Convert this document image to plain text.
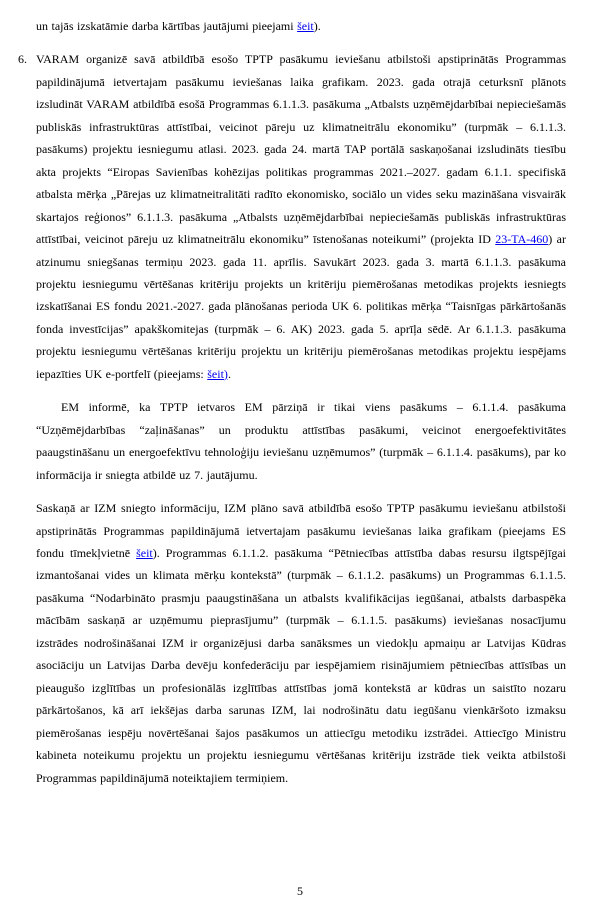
un tajās izskatāmie darba kārtības jautājumi pieejami šeit).
6. VARAM organizē savā atbildībā esošo TPTP pasākumu ieviešanu atbilstoši apstiprinātās Programmas papildinājumā ietvertajam pasākumu ieviešanas laika grafikam. 2023. gada otrajā ceturksnī plānots izsludināt VARAM atbildībā esošā Programmas 6.1.1.3. pasākuma „Atbalsts uzņēmējdarbībai nepieciešamās publiskās infrastruktūras attīstībai, veicinot pāreju uz klimatneitrālu ekonomiku” (turpmāk – 6.1.1.3. pasākums) projektu iesniegumu atlasi. 2023. gada 24. martā TAP portālā saskaņošanai izsludināts tiesību akta projekts “Eiropas Savienības kohēzijas politikas programmas 2021.–2027. gadam 6.1.1. specifiskā atbalsta mērķa „Pārejas uz klimatneitralitāti radīto ekonomisko, sociālo un vides seku mazināšana visvairāk skartajos reģionos” 6.1.1.3. pasākuma „Atbalsts uzņēmējdarbībai nepieciešamās publiskās infrastruktūras attīstībai, veicinot pāreju uz klimatneitrālu ekonomiku” īstenošanas noteikumi” (projekta ID 23-TA-460) ar atzinumu sniegšanas termiņu 2023. gada 11. aprīlis. Savukārt 2023. gada 3. martā 6.1.1.3. pasākuma projektu iesniegumu vērtēšanas kritēriju projekts un kritēriju piemērošanas metodikas projekts iesniegts izskatīšanai ES fondu 2021.-2027. gada plānošanas perioda UK 6. politikas mērķa “Taisnīgas pārkārtošanās fonda investīcijas” apakškomitejas (turpmāk – 6. AK) 2023. gada 5. aprīļa sēdē. Ar 6.1.1.3. pasākuma projektu iesniegumu vērtēšanas kritēriju projektu un kritēriju piemērošanas metodikas projektu iespējams iepazīties UK e-portfelī (pieejams: šeit).
EM informē, ka TPTP ietvaros EM pārziņā ir tikai viens pasākums – 6.1.1.4. pasākuma “Uzņēmējdarbības “zaļināšanas” un produktu attīstības pasākumi, veicinot energoefektivitātes paaugstināšanu un energoefektīvu tehnoloģiju ieviešanu uzņēmumos” (turpmāk – 6.1.1.4. pasākums), par ko informācija ir sniegta atbildē uz 7. jautājumu.
Saskaņā ar IZM sniegto informāciju, IZM plāno savā atbildībā esošo TPTP pasākumu ieviešanu atbilstoši apstiprinātās Programmas papildinājumā ietvertajam pasākumu ieviešanas laika grafikam (pieejams ES fondu tīmekļvietnē šeit). Programmas 6.1.1.2. pasākuma “Pētniecības attīstība dabas resursu ilgtspējīgai izmantošanai vides un klimata mērķu kontekstā” (turpmāk – 6.1.1.2. pasākums) un Programmas 6.1.1.5. pasākuma “Nodarbināto prasmju paaugstināšana un atbalsts kvalifikācijas iegūšanai, atbalsts darbaspēka mācībām saskaņā ar uzņēmumu pieprasījumu” (turpmāk – 6.1.1.5. pasākums) ieviešanas nosacījumu izstrādes nodrošināšanai IZM ir organizējusi darba sanāksmes un viedokļu apmaiņu ar Latvijas Kūdras asociāciju un Latvijas Darba devēju konfederāciju par iespējamiem risinājumiem pētniecības attīsības un pieaugušo izglītības un profesionālās izglītības attīstības jomā kontekstā ar kūdras un saistīto nozaru pārkārtošanos, kā arī iekšējas darba sarunas IZM, lai nodrošinātu datu iegūšanu vienkāršoto izmaksu piemērošanas iespēju novērtēšanai šajos pasākumos un attiecīgu metodiku izstrādei. Attiecīgo Ministru kabineta noteikumu projektu un projektu iesniegumu vērtēšanas kritēriju izstrāde tiek veikta atbilstoši Programmas papildinājumā noteiktajiem termiņiem.
5
